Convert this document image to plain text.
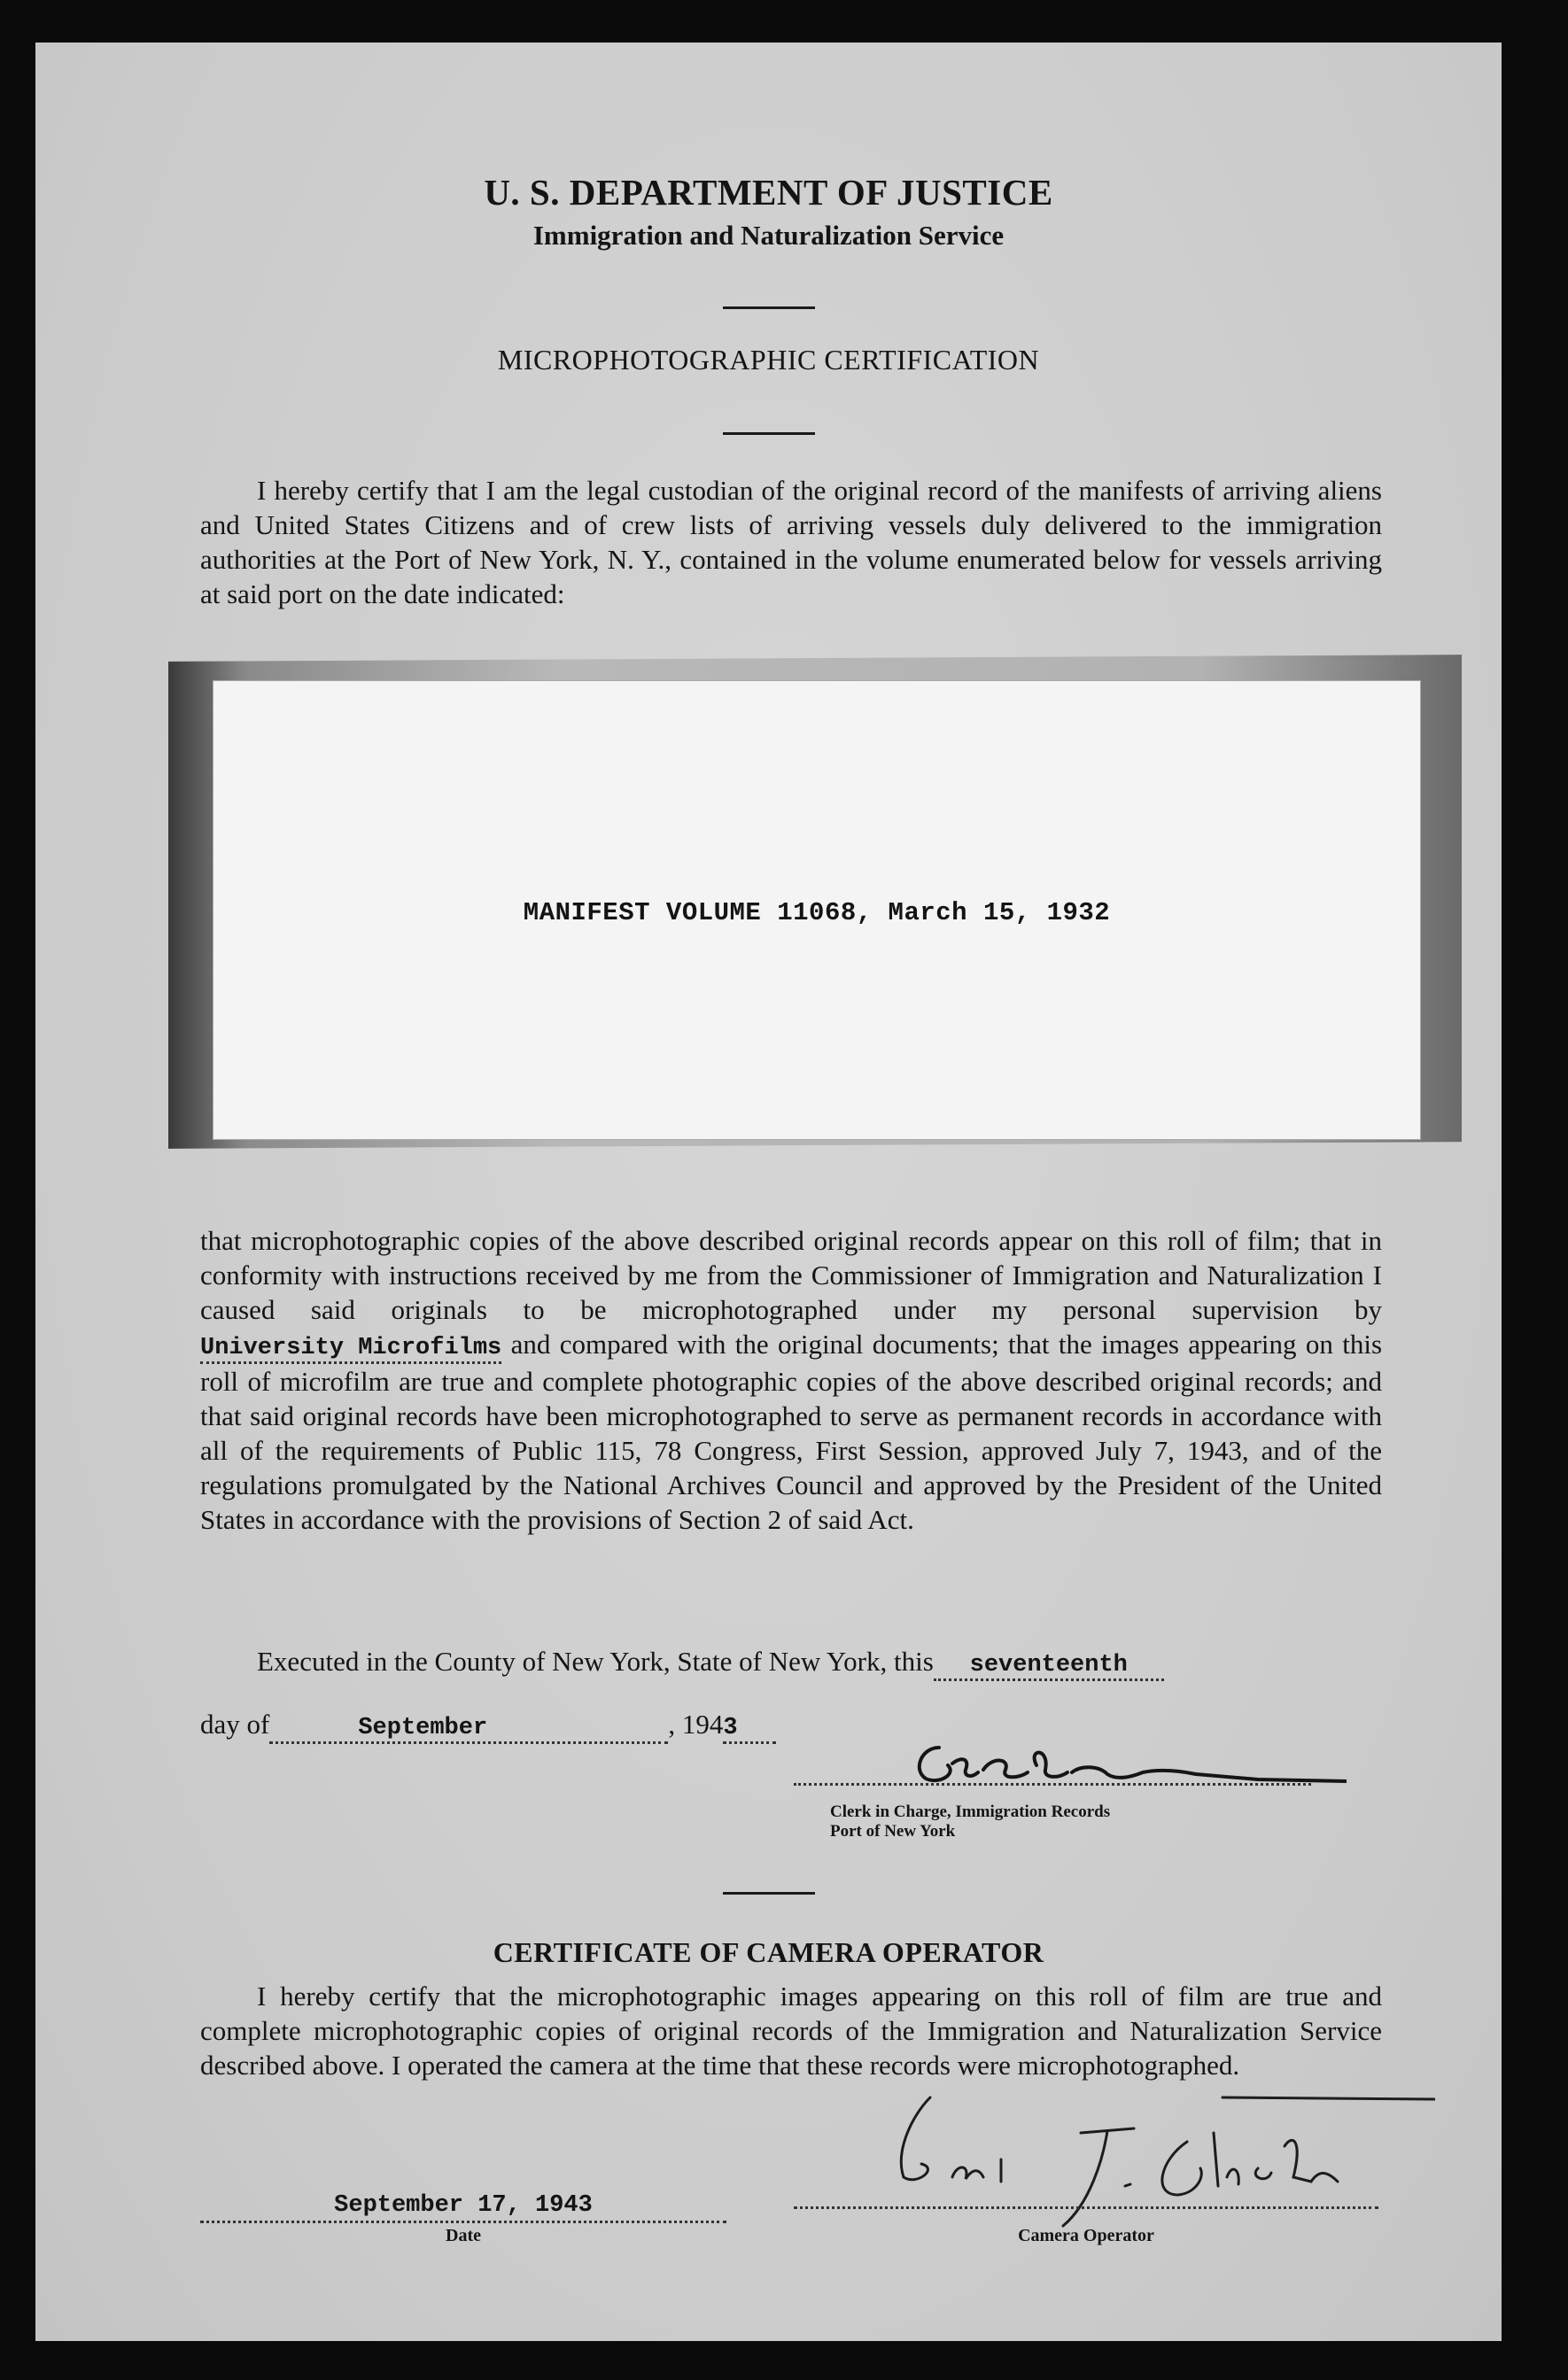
U. S. DEPARTMENT OF JUSTICE
Immigration and Naturalization Service
MICROPHOTOGRAPHIC CERTIFICATION
I hereby certify that I am the legal custodian of the original record of the manifests of arriving aliens and United States Citizens and of crew lists of arriving vessels duly delivered to the immigration authorities at the Port of New York, N. Y., contained in the volume enumerated below for vessels arriving at said port on the date indicated:
MANIFEST VOLUME 11068, March 15, 1932
that microphotographic copies of the above described original records appear on this roll of film; that in conformity with instructions received by me from the Commissioner of Immigration and Naturalization I caused said originals to be microphotographed under my personal supervision byUniversity Microfilms and compared with the original documents; that the images appearing on this roll of microfilm are true and complete photographic copies of the above described original records; and that said original records have been microphotographed to serve as permanent records in accordance with all of the requirements of Public 115, 78 Congress, First Session, approved July 7, 1943, and of the regulations promulgated by the National Archives Council and approved by the President of the United States in accordance with the provisions of Section 2 of said Act.
Executed in the County of New York, State of New York, this seventeenth
day of	September	, 1943
Clerk in Charge, Immigration Records
Port of New York
CERTIFICATE OF CAMERA OPERATOR
I hereby certify that the microphotographic images appearing on this roll of film are true and complete microphotographic copies of original records of the Immigration and Naturalization Service described above. I operated the camera at the time that these records were microphotographed.
September 17, 1943
Date	Camera Operator
